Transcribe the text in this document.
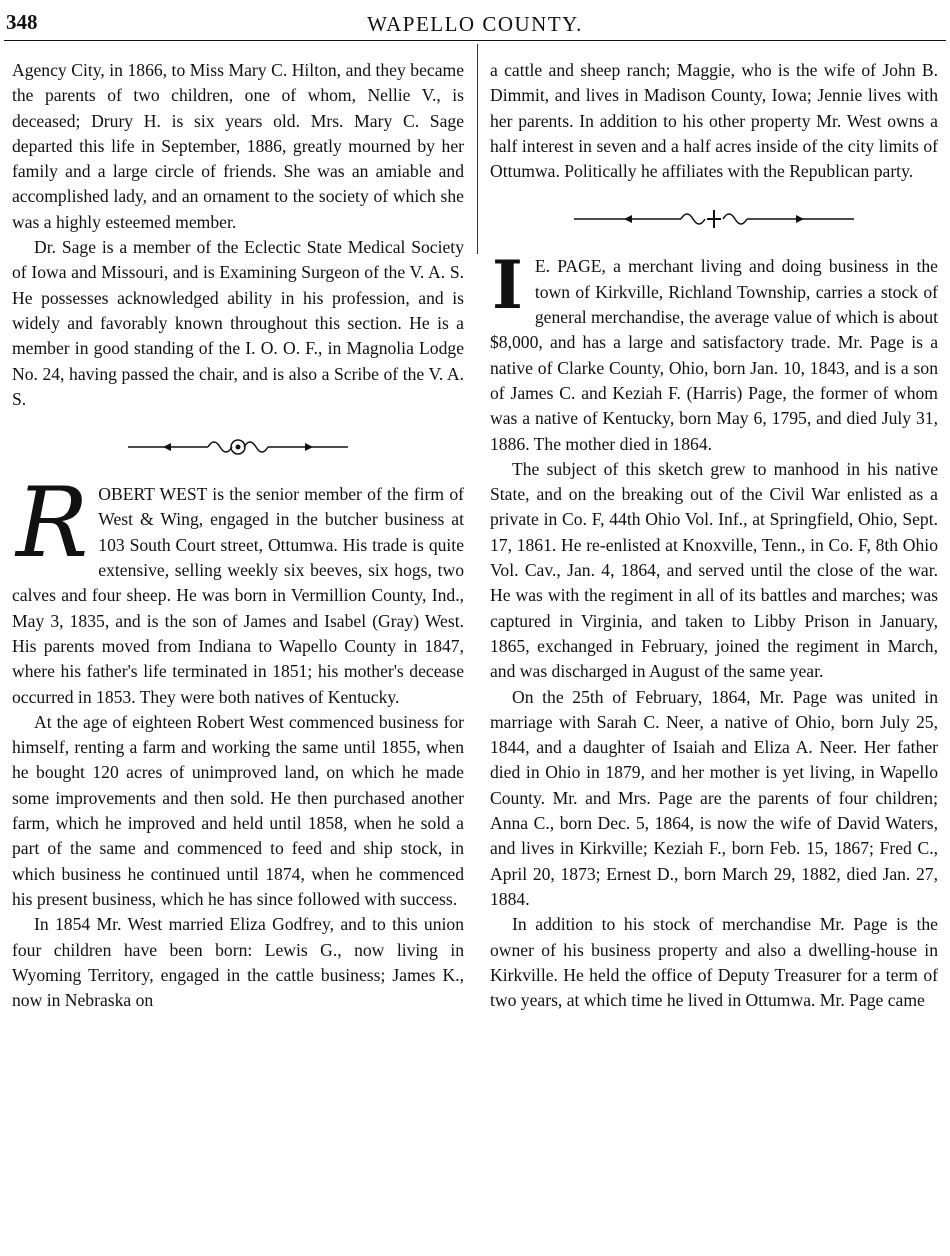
348	WAPELLO COUNTY.

Agency City, in 1866, to Miss Mary C. Hilton, and they became the parents of two children, one of whom, Nellie V., is deceased; Drury H. is six years old. Mrs. Mary C. Sage departed this life in September, 1886, greatly mourned by her family and a large circle of friends. She was an amiable and accomplished lady, and an ornament to the society of which she was a highly esteemed member.

Dr. Sage is a member of the Eclectic State Medical Society of Iowa and Missouri, and is Examining Surgeon of the V. A. S. He possesses acknowledged ability in his profession, and is widely and favorably known throughout this section. He is a member in good standing of the I. O. O. F., in Magnolia Lodge No. 24, having passed the chair, and is also a Scribe of the V. A. S.

R OBERT WEST is the senior member of the firm of West & Wing, engaged in the butcher business at 103 South Court street, Ottumwa. His trade is quite extensive, selling weekly six beeves, six hogs, two calves and four sheep. He was born in Vermillion County, Ind., May 3, 1835, and is the son of James and Isabel (Gray) West. His parents moved from Indiana to Wapello County in 1847, where his father's life terminated in 1851; his mother's decease occurred in 1853. They were both natives of Kentucky.

At the age of eighteen Robert West commenced business for himself, renting a farm and working the same until 1855, when he bought 120 acres of unimproved land, on which he made some improvements and then sold. He then purchased another farm, which he improved and held until 1858, when he sold a part of the same and commenced to feed and ship stock, in which business he continued until 1874, when he commenced his present business, which he has since followed with success.

In 1854 Mr. West married Eliza Godfrey, and to this union four children have been born: Lewis G., now living in Wyoming Territory, engaged in the cattle business; James K., now in Nebraska on

a cattle and sheep ranch; Maggie, who is the wife of John B. Dimmit, and lives in Madison County, Iowa; Jennie lives with her parents. In addition to his other property Mr. West owns a half interest in seven and a half acres inside of the city limits of Ottumwa. Politically he affiliates with the Republican party.

I E. PAGE, a merchant living and doing business in the town of Kirkville, Richland Township, carries a stock of general merchandise, the average value of which is about $8,000, and has a large and satisfactory trade. Mr. Page is a native of Clarke County, Ohio, born Jan. 10, 1843, and is a son of James C. and Keziah F. (Harris) Page, the former of whom was a native of Kentucky, born May 6, 1795, and died July 31, 1886. The mother died in 1864.

The subject of this sketch grew to manhood in his native State, and on the breaking out of the Civil War enlisted as a private in Co. F, 44th Ohio Vol. Inf., at Springfield, Ohio, Sept. 17, 1861. He re-enlisted at Knoxville, Tenn., in Co. F, 8th Ohio Vol. Cav., Jan. 4, 1864, and served until the close of the war. He was with the regiment in all of its battles and marches; was captured in Virginia, and taken to Libby Prison in January, 1865, exchanged in February, joined the regiment in March, and was discharged in August of the same year.

On the 25th of February, 1864, Mr. Page was united in marriage with Sarah C. Neer, a native of Ohio, born July 25, 1844, and a daughter of Isaiah and Eliza A. Neer. Her father died in Ohio in 1879, and her mother is yet living, in Wapello County. Mr. and Mrs. Page are the parents of four children; Anna C., born Dec. 5, 1864, is now the wife of David Waters, and lives in Kirkville; Keziah F., born Feb. 15, 1867; Fred C., April 20, 1873; Ernest D., born March 29, 1882, died Jan. 27, 1884.

In addition to his stock of merchandise Mr. Page is the owner of his business property and also a dwelling-house in Kirkville. He held the office of Deputy Treasurer for a term of two years, at which time he lived in Ottumwa. Mr. Page came
